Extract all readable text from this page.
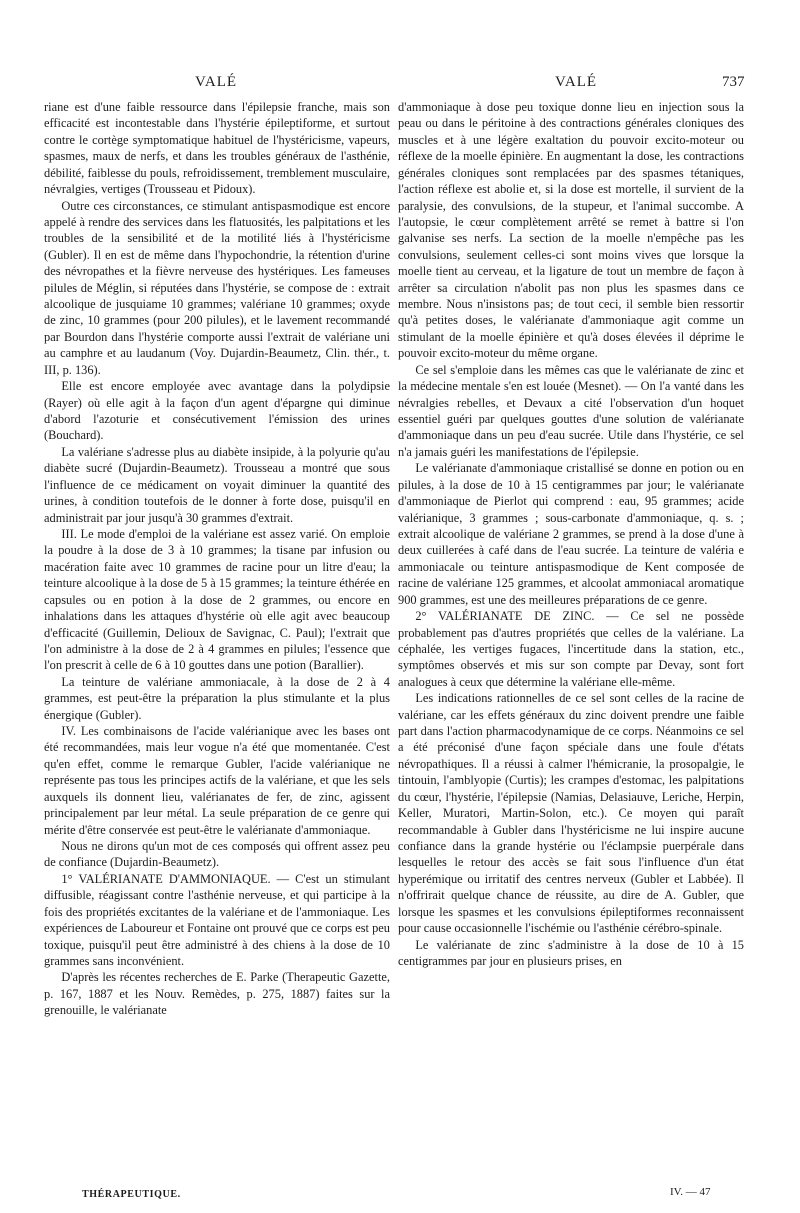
VALÉ	VALÉ	737

riane est d'une faible ressource dans l'épilepsie franche, mais son efficacité est incontestable dans l'hystérie épileptiforme, et surtout contre le cortège symptomatique habituel de l'hystéricisme, vapeurs, spasmes, maux de nerfs, et dans les troubles généraux de l'asthénie, débilité, faiblesse du pouls, refroidissement, tremblement musculaire, névralgies, vertiges (Trousseau et Pidoux).

Outre ces circonstances, ce stimulant antispasmodique est encore appelé à rendre des services dans les flatuosités, les palpitations et les troubles de la sensibilité et de la motilité liés à l'hystéricisme (Gubler). Il en est de même dans l'hypochondrie, la rétention d'urine des névropathes et la fièvre nerveuse des hystériques. Les fameuses pilules de Méglin, si réputées dans l'hystérie, se compose de : extrait alcoolique de jusquiame 10 grammes; valériane 10 grammes; oxyde de zinc, 10 grammes (pour 200 pilules), et le lavement recommandé par Bourdon dans l'hystérie comporte aussi l'extrait de valériane uni au camphre et au laudanum (Voy. Dujardin-Beaumetz, Clin. thér., t. III, p. 136).

Elle est encore employée avec avantage dans la polydipsie (Rayer) où elle agit à la façon d'un agent d'épargne qui diminue d'abord l'azoturie et consécutivement l'émission des urines (Bouchard).

La valériane s'adresse plus au diabète insipide, à la polyurie qu'au diabète sucré (Dujardin-Beaumetz). Trousseau a montré que sous l'influence de ce médicament on voyait diminuer la quantité des urines, à condition toutefois de le donner à forte dose, puisqu'il en administrait par jour jusqu'à 30 grammes d'extrait.

III. Le mode d'emploi de la valériane est assez varié. On emploie la poudre à la dose de 3 à 10 grammes; la tisane par infusion ou macération faite avec 10 grammes de racine pour un litre d'eau; la teinture alcoolique à la dose de 5 à 15 grammes; la teinture éthérée en capsules ou en potion à la dose de 2 grammes, ou encore en inhalations dans les attaques d'hystérie où elle agit avec beaucoup d'efficacité (Guillemin, Delioux de Savignac, C. Paul); l'extrait que l'on administre à la dose de 2 à 4 grammes en pilules; l'essence que l'on prescrit à celle de 6 à 10 gouttes dans une potion (Barallier).

La teinture de valériane ammoniacale, à la dose de 2 à 4 grammes, est peut-être la préparation la plus stimulante et la plus énergique (Gubler).

IV. Les combinaisons de l'acide valérianique avec les bases ont été recommandées, mais leur vogue n'a été que momentanée. C'est qu'en effet, comme le remarque Gubler, l'acide valérianique ne représente pas tous les principes actifs de la valériane, et que les sels auxquels ils donnent lieu, valérianates de fer, de zinc, agissent principalement par leur métal. La seule préparation de ce genre qui mérite d'être conservée est peut-être le valérianate d'ammoniaque.

Nous ne dirons qu'un mot de ces composés qui offrent assez peu de confiance (Dujardin-Beaumetz).

1° VALÉRIANATE D'AMMONIAQUE. — C'est un stimulant diffusible, réagissant contre l'asthénie nerveuse, et qui participe à la fois des propriétés excitantes de la valériane et de l'ammoniaque. Les expériences de Laboureur et Fontaine ont prouvé que ce corps est peu toxique, puisqu'il peut être administré à des chiens à la dose de 10 grammes sans inconvénient.

D'après les récentes recherches de E. Parke (Therapeutic Gazette, p. 167, 1887 et les Nouv. Remèdes, p. 275, 1887) faites sur la grenouille, le valérianate

d'ammoniaque à dose peu toxique donne lieu en injection sous la peau ou dans le péritoine à des contractions générales cloniques des muscles et à une légère exaltation du pouvoir excito-moteur ou réflexe de la moelle épinière. En augmentant la dose, les contractions générales cloniques sont remplacées par des spasmes tétaniques, l'action réflexe est abolie et, si la dose est mortelle, il survient de la paralysie, des convulsions, de la stupeur, et l'animal succombe. A l'autopsie, le cœur complètement arrêté se remet à battre si l'on galvanise ses nerfs. La section de la moelle n'empêche pas les convulsions, seulement celles-ci sont moins vives que lorsque la moelle tient au cerveau, et la ligature de tout un membre de façon à arrêter sa circulation n'abolit pas non plus les spasmes dans ce membre. Nous n'insistons pas; de tout ceci, il semble bien ressortir qu'à petites doses, le valérianate d'ammoniaque agit comme un stimulant de la moelle épinière et qu'à doses élevées il déprime le pouvoir excito-moteur du même organe.

Ce sel s'emploie dans les mêmes cas que le valérianate de zinc et la médecine mentale s'en est louée (Mesnet). — On l'a vanté dans les névralgies rebelles, et Devaux a cité l'observation d'un hoquet essentiel guéri par quelques gouttes d'une solution de valérianate d'ammoniaque dans un peu d'eau sucrée. Utile dans l'hystérie, ce sel n'a jamais guéri les manifestations de l'épilepsie.

Le valérianate d'ammoniaque cristallisé se donne en potion ou en pilules, à la dose de 10 à 15 centigrammes par jour; le valérianate d'ammoniaque de Pierlot qui comprend : eau, 95 grammes; acide valérianique, 3 grammes ; sous-carbonate d'ammoniaque, q. s. ; extrait alcoolique de valériane 2 grammes, se prend à la dose d'une à deux cuillerées à café dans de l'eau sucrée. La teinture de valéria e ammoniacale ou teinture antispasmodique de Kent composée de racine de valériane 125 grammes, et alcoolat ammoniacal aromatique 900 grammes, est une des meilleures préparations de ce genre.

2° VALÉRIANATE DE ZINC. — Ce sel ne possède probablement pas d'autres propriétés que celles de la valériane. La céphalée, les vertiges fugaces, l'incertitude dans la station, etc., symptômes observés et mis sur son compte par Devay, sont fort analogues à ceux que détermine la valériane elle-même.

Les indications rationnelles de ce sel sont celles de la racine de valériane, car les effets généraux du zinc doivent prendre une faible part dans l'action pharmacodynamique de ce corps. Néanmoins ce sel a été préconisé d'une façon spéciale dans une foule d'états névropathiques. Il a réussi à calmer l'hémicranie, la prosopalgie, le tintouin, l'amblyopie (Curtis); les crampes d'estomac, les palpitations du cœur, l'hystérie, l'épilepsie (Namias, Delasiauve, Leriche, Herpin, Keller, Muratori, Martin-Solon, etc.). Ce moyen qui paraît recommandable à Gubler dans l'hystéricisme ne lui inspire aucune confiance dans la grande hystérie ou l'éclampsie puerpérale dans lesquelles le retour des accès se fait sous l'influence d'un état hyperémique ou irritatif des centres nerveux (Gubler et Labbée). Il n'offrirait quelque chance de réussite, au dire de A. Gubler, que lorsque les spasmes et les convulsions épileptiformes reconnaissent pour cause occasionnelle l'ischémie ou l'asthénie cérébro-spinale.

Le valérianate de zinc s'administre à la dose de 10 à 15 centigrammes par jour en plusieurs prises, en

THÉRAPEUTIQUE.	IV. — 47
